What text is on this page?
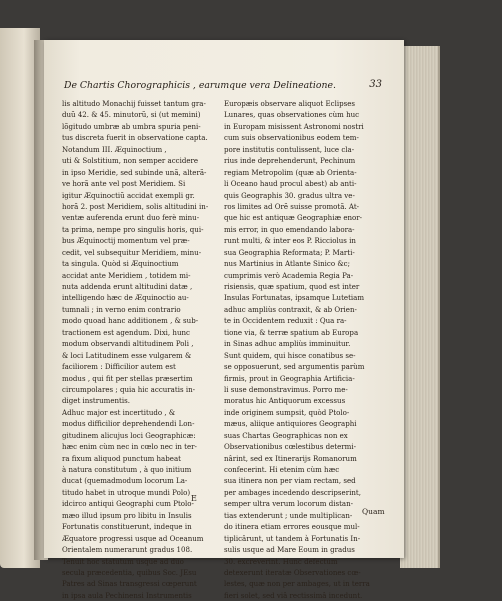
De Chartis Chorographicis , earumque vera Delineatione.	33
lis altitudo Monachij fuisset tantum gra-
duũ 42. & 45. minutorũ, si (ut memini)
lõgitudo umbræ ab umbra spuria peni-
tus discreta fuerit in observatione capta.
Notandum III. Æquinoctium ,
uti & Solstitium, non semper accidere
in ipso Meridie, sed subinde unã, alterã-
ve horã ante vel post Meridiem. Si
igitur Æquinoctiũ accidat exempli gr.
horã 2. post Meridiem, solis altitudini in-
ventæ auferenda erunt duo ferè minu-
ta prima, nempe pro singulis horis, qui-
bus Æquinoctij momentum vel præ-
cedit, vel subsequitur Meridiem, minu-
ta singula. Quòd si Æquinoctium
accidat ante Meridiem , totidem mi-
nuta addenda erunt altitudini datæ ,
intelligendo hæc de Æquinoctio au-
tumnali ; in verno enim contrario
modo quoad hanc additionem , & sub-
tractionem est agendum. Dixi, hunc
modum observandi altitudinem Poli ,
& loci Latitudinem esse vulgarem &
faciliorem : Difficilior autem est
modus , qui fit per stellas præsertim
circumpolares ; quia hic accuratis in-
diget instrumentis.
Adhuc major est incertitudo , &
modus difficilior deprehendendi Lon-
gitudinem alicujus loci Geographicæ:
hæc enim cùm nec in cœlo nec in ter-
ra fixum aliquod punctum habeat
à natura constitutum , à quo initium
ducat (quemadmodum locorum La-
titudo habet in utroque mundi Polo)
idcirco antiqui Geographi cum Ptolo-
mæo illud ipsum pro libitu in Insulis
Fortunatis constituerunt, indeque in
Æquatore progressi usque ad Oceanum
Orientalem numerarunt gradus 108.
Tenuit hoc statutum usque ad duo
secula præcedentia, quibus Soc. JEsu
Patres ad Sinas transgressi cœperunt
in ipsa aula Pechinensi Instrumentis
Europæis observare aliquot Eclipses
Lunares, quas observationes cùm huc
in Europam misissent Astronomi nostri
cum suis observationibus eodem tem-
pore institutis contulissent, luce cla-
rius inde deprehenderunt, Pechinum
regiam Metropolim (quæ ab Orienta-
li Oceano haud procul abest) ab anti-
quis Geographis 30. gradus ultra ve-
ros limites ad Orẽ suisse promotã. At-
que hic est antiquæ Geographiæ enor-
mis error, in quo emendando labora-
runt multi, & inter eos P. Ricciolus in
sua Geographia Reformata; P. Marti-
nus Martinius in Atlante Sinico &c;
cumprimis verò Academia Regia Pa-
risiensis, quæ spatium, quod est inter
Insulas Fortunatas, ipsamque Lutetiam
adhuc ampliùs contraxit, & ab Orien-
te in Occidentem reduxit : Qua ra-
tione via, & terræ spatium ab Europa
in Sinas adhuc ampliùs imminuitur.
Sunt quidem, qui hisce conatibus se-
se opposuerunt, sed argumentis parùm
firmis, prout in Geographia Artificia-
li suse demonstravimus. Porro me-
moratus hic Antiquorum excessus
inde originem sumpsit, quòd Ptolo-
mæus, aliique antiquiores Geographi
suas Chartas Geographicas non ex
Observationibus cœlestibus determi-
nârint, sed ex Itinerarijs Romanorum
confecerint. Hi etenim cùm hæc
sua itinera non per viam rectam, sed
per ambages incedendo descripserint,
semper ultra verum locorum distan-
tias extenderunt ; unde multiplican-
do itinera etiam errores eousque mul-
tiplicârunt, ut tandem à Fortunatis In-
sulis usque ad Mare Eoum in gradus
30. excreverint. Hunc defectum
detexerunt iteratæ Observationes cœ-
lestes, quæ non per ambages, ut in terra
fieri solet, sed viâ rectissimâ incedunt.
E
Quam
